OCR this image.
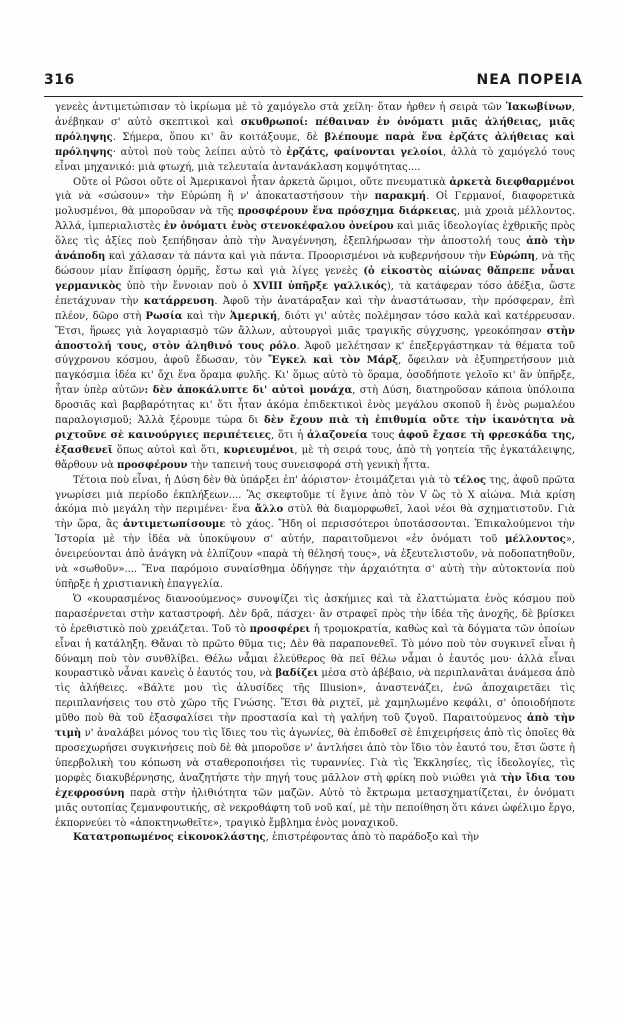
316	ΝΕΑ ΠΟΡΕΙΑ

γενεὲς ἀντιμετώπισαν τὸ ἱκρίωμα μὲ τὸ χαμόγελο στὰ χείλη· ὅταν ἦρθεν ἡ σειρὰ τῶν Ἰακωβίνων, ἀνέβηκαν σ' αὐτὸ σκεπτικοὶ καὶ σκυθρωποί: πέθαιναν ἐν ὀνόματι μιᾶς ἀλήθειας, μιᾶς πρόληψης. Σήμερα, ὅπου κι' ἂν κοιτάξουμε, δὲ βλέπουμε παρὰ ἕνα ἐρζάτς ἀλήθειας καὶ πρόληψης· αὐτοὶ ποὺ τοὺς λείπει αὐτὸ τὸ ἐρζάτς, φαίνονται γελοίοι, ἀλλὰ τὸ χαμόγελό τους εἶναι μηχανικό: μιὰ φτωχή, μιὰ τελευταία ἀντανάκλαση κομψότητας....

Οὔτε οἱ Ρῶσοι οὔτε οἱ Ἀμερικανοὶ ἦταν ἀρκετὰ ὥριμοι, οὔτε πνευματικὰ ἀρκετὰ διεφθαρμένοι γιὰ νὰ «σώσουν» τὴν Εὐρώπη ἢ ν' ἀποκαταστήσουν τὴν παρακμή. Οἱ Γερμανοί, διαφορετικὰ μολυσμένοι, θὰ μποροῦσαν νὰ τῆς προσφέρουν ἕνα πρόσχημα διάρκειας, μιὰ χροιὰ μέλλοντος. Ἀλλά, ἰμπεριαλιστὲς ἐν ὀνόματι ἑνὸς στενοκέφαλου ὀνείρου καὶ μιᾶς ἰδεολογίας ἐχθρικῆς πρὸς ὅλες τὶς ἀξίες ποὺ ξεπήδησαν ἀπὸ τὴν Ἀναγέννηση, ἐξεπλήρωσαν τὴν ἀποστολή τους ἀπὸ τὴν ἀνάποδη καὶ χάλασαν τὰ πάντα καὶ γιὰ πάντα. Προορισμένοι νὰ κυβερνήσουν τὴν Εὐρώπη, νὰ τῆς δώσουν μίαν ἔπίφαση ὁρμῆς, ἔστω καὶ γιὰ λίγες γενεὲς (ὁ εἰκοστὸς αἰώνας θἄπρεπε νἆναι γερμανικὸς ὑπὸ τὴν ἔννοιαν ποὺ ὁ XVIII ὑπῆρξε γαλλικός), τὰ κατάφεραν τόσο ἀδέξια, ὥστε ἐπετάχυναν τὴν κατάρρευση. Ἀφοῦ τὴν ἀνατάραξαν καὶ τὴν ἀναστάτωσαν, τὴν πρόσφεραν, ἐπὶ πλέον, δῶρο στὴ Ρωσία καὶ τὴν Ἀμερική, διότι γι' αὐτὲς πολέμησαν τόσο καλὰ καὶ κατέρρευσαν. Ἔτσι, ἥρωες γιὰ λογαριασμὸ τῶν ἄλλων, αὐτουργοὶ μιᾶς τραγικῆς σύγχυσης, γρεοκόπησαν στὴν ἀποστολή τους, στὸν ἀληθινό τους ρόλο. Ἀφοῦ μελέτησαν κ' ἐπεξεργάστηκαν τὰ θέματα τοῦ σύγχρονου κόσμου, ἀφοῦ ἔδωσαν, τὸν Ἔγκελ καὶ τὸν Μάρξ, ὄφειλαν νὰ ἐξυπηρετήσουν μιὰ παγκόσμια ἰδέα κι' ὄχι ἕνα ὅραμα φυλῆς. Κι' ὅμως αὐτὸ τὸ ὅραμα, ὁσοδήποτε γελοῖο κι' ἂν ὑπῆρξε, ἦταν ὑπὲρ αὐτῶν: δὲν ἀποκάλυπτε δι' αὐτοὶ μονάχα, στὴ Δύση, διατηροῦσαν κάποια ὑπόλοιπα δροσιᾶς καὶ βαρβαρότητας κι' ὅτι ἦταν ἀκόμα ἐπιδεκτικοὶ ἑνὸς μεγάλου σκοποῦ ἢ ἑνὸς ρωμαλέου παραλογισμοῦ; Ἀλλὰ ξέρουμε τώρα δι δὲν ἔχουν πιὰ τὴ ἐπιθυμία οὔτε τὴν ἱκανότητα νὰ ριχτοῦνε σὲ καινούργιες περιπέτειες, ὅτι ἡ ἀλαζονεία τους ἀφοῦ ἔχασε τὴ φρεσκάδα της, ἐξασθενεῖ ὅπως αὐτοὶ καὶ ὅτι, κυριευμένοι, μὲ τὴ σειρά τους, ἀπὸ τὴ γοητεία τῆς ἐγκατάλειψης, θἄρθουν νὰ προσφέρουν τὴν ταπεινή τους συνεισφορά στὴ γενικὴ ἧττα.

Τέτοια ποὺ εἶναι, ἡ Δύση δὲν θὰ ὑπάρξει ἐπ' ἀόριστον· ἑτοιμάζεται γιὰ τὸ τέλος της, ἀφοῦ πρῶτα γνωρίσει μιὰ περίοδο ἐκπλήξεων.... Ἂς σκεφτοῦμε τί ἔγινε ἀπὸ τὸν V ὣς τὸ X αἰώνα. Μιὰ κρίση ἀκόμα πιὸ μεγάλη τὴν περιμένει· ἕνα ἄλλο στὺλ θὰ διαμορφωθεῖ, λαοὶ νέοι θὰ σχηματιστοῦν. Γιὰ τὴν ὥρα, ἂς ἀντιμετωπίσουμε τὸ χάος. Ἤδη οἱ περισσότεροι ὑποτάσσονται. Ἐπικαλούμενοι τὴν Ἰστορία μὲ τὴν ἰδέα νὰ ὑποκύψουν σ' αὐτήν, παραιτοῦμενοι «ἐν ὀνόματι τοῦ μέλλοντος», ὀνειρεύονται ἀπὸ ἀνάγκη νὰ ἐλπίζουν «παρὰ τὴ θέλησή τους», νὰ ἐξευτελιστοῦν, νὰ ποδοπατηθοῦν, νὰ «σωθοῦν».... Ἕνα παρόμοιο συναίσθημα ὁδήγησε τὴν ἀρχαιότητα σ' αὐτὴ τὴν αὐτοκτονία ποὺ ὑπῆρξε ἡ χριστιανικὴ ἐπαγγελία.

Ὁ «κουρασμένος διανοούμενος» συνοψίζει τὶς ἀσκήμιες καὶ τὰ ἐλαττώματα ἑνὸς κόσμου ποὺ παρασέρνεται στὴν καταστροφή. Δὲν δρᾶ, πάσχει· ἂν στραφεῖ πρὸς τὴν ἰδέα τῆς ἀνοχῆς, δὲ βρίσκει τὸ ἐρεθιστικὸ ποὺ χρειάζεται. Τοῦ τὸ προσφέρει ἡ τρομοκρατία, καθὼς καὶ τὰ δόγματα τῶν ὁποίων εἶναι ἡ κατάληξη. Θἄναι τὸ πρῶτο θῦμα τις; Δὲν θὰ παραπονεθεῖ. Τὸ μόνο ποὺ τὸν συγκινεῖ εἶναι ἡ δύναμη ποὺ τὸν συνθλίβει. Θέλω νἆμαι ἐλεύθερος θὰ πεῖ θέλω νἆμαι ὁ ἑαυτός μου· ἀλλὰ εἶναι κουραστικὸ νἆναι κανεὶς ὁ ἑαυτός του, νὰ βαδίζει μέσα στὸ ἀβέβαιο, νὰ περιπλανᾶται ἀνάμεσα ἀπὸ τὶς ἀλήθειες. «Βάλτε μου τὶς ἁλυσίδες τῆς Illusion», ἀναστενάζει, ἐνῶ ἀποχαιρετᾶει τὶς περιπλανήσεις του στὸ χῶρο τῆς Γνώσης. Ἔτσι θὰ ριχτεῖ, μὲ χαμηλωμένο κεφάλι, σ' ὁποιοδήποτε μῦθο ποὺ θὰ τοῦ ἐξασφαλίσει τὴν προστασία καὶ τὴ γαλήνη τοῦ ζυγοῦ. Παραιτούμενος ἀπὸ τὴν τιμὴ ν' ἀναλάβει μόνος του τὶς ἴδιες του τὶς ἀγωνίες, θὰ ἐπιδοθεῖ σὲ ἐπιχειρήσεις ἀπὸ τὶς ὁποῖες θὰ προσεχωρήσει συγκινήσεις ποὺ δὲ θὰ μποροῦσε ν' ἀντλήσει ἀπὸ τὸν ἴδιο τὸν ἑαυτό του, ἔτσι ὥστε ἡ ὑπερβολικὴ του κόπωση νὰ σταθεροποιήσει τὶς τυραννίες. Γιὰ τὶς Ἐκκλησίες, τὶς ἰδεολογίες, τὶς μορφὲς διακυβέρνησης, ἀναζητήστε τὴν πηγή τους μᾶλλον στὴ φρίκη ποὺ νιώθει γιὰ τὴν ἴδια του ἐχεφροσύνη παρὰ στὴν ἠλιθιότητα τῶν μαζῶν. Αὐτὸ τὸ ἔκτρωμα μετασχηματίζεται, ἐν ὀνόματι μιᾶς ουτοπίας ζεμανφουτικής, σὲ νεκροθάφτη τοῦ νοῦ καί, μὲ τὴν πεποίθηση ὅτι κάνει ὠφέλιμο ἔργο, ἐκπορνεύει τὸ «ἀποκτηνωθεῖτε», τραγικὸ ἔμβλημα ἑνὸς μοναχικοῦ.

Κατατροπωμένος εἰκονοκλάστης, ἐπιστρέφοντας ἀπὸ τὸ παράδοξο καὶ τὴν
